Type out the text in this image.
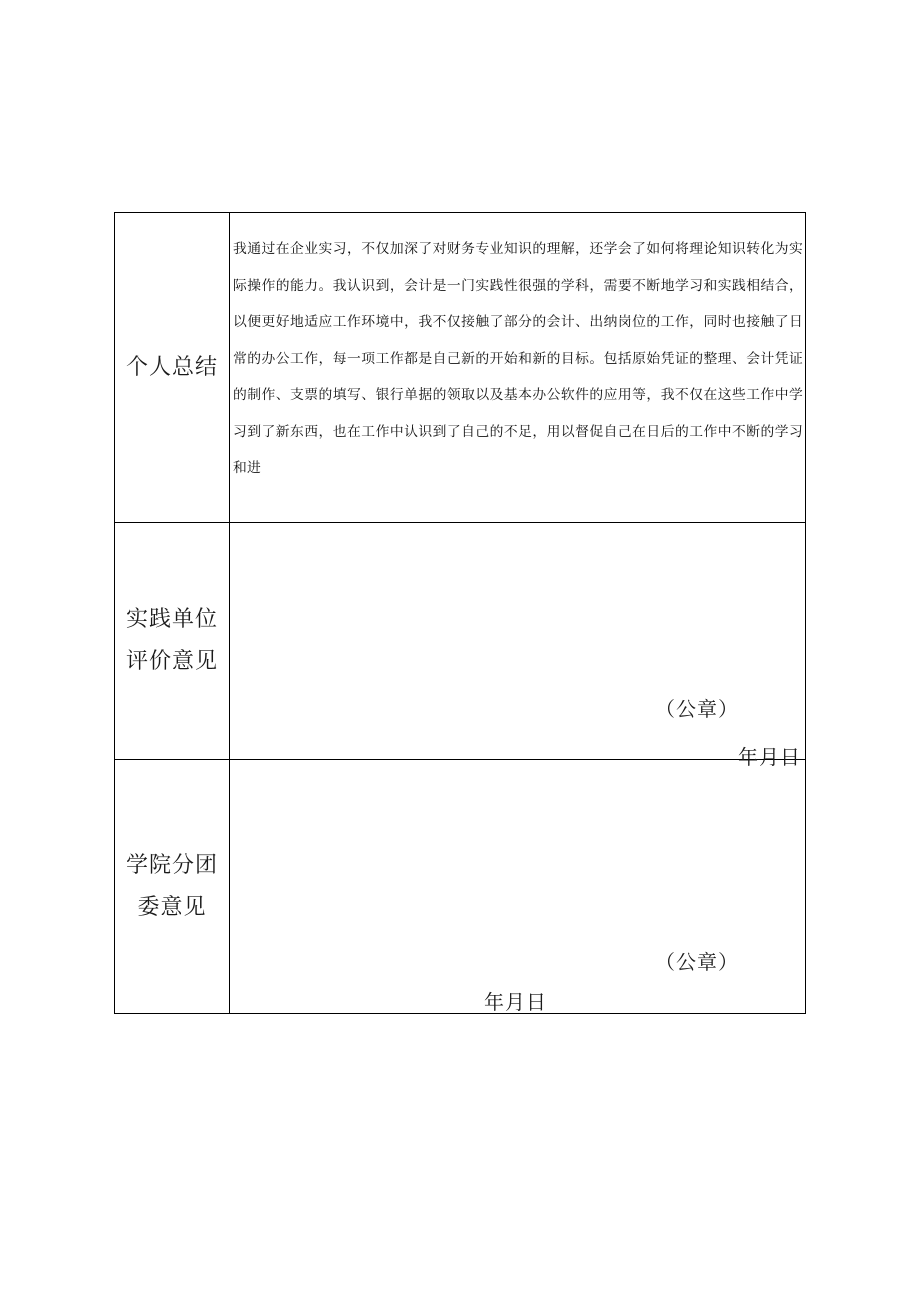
个人总结
我通过在企业实习，不仅加深了对财务专业知识的理解，还学会了如何将理论知识转化为实际操作的能力。我认识到，会计是一门实践性很强的学科，需要不断地学习和实践相结合，以便更好地适应工作环境中，我不仅接触了部分的会计、出纳岗位的工作，同时也接触了日常的办公工作，每一项工作都是自己新的开始和新的目标。包括原始凭证的整理、会计凭证的制作、支票的填写、银行单据的领取以及基本办公软件的应用等，我不仅在这些工作中学习到了新东西，也在工作中认识到了自己的不足，用以督促自己在日后的工作中不断的学习和进
实践单位
评价意见
（公章）
年月日
学院分团
委意见
（公章）
年月日
